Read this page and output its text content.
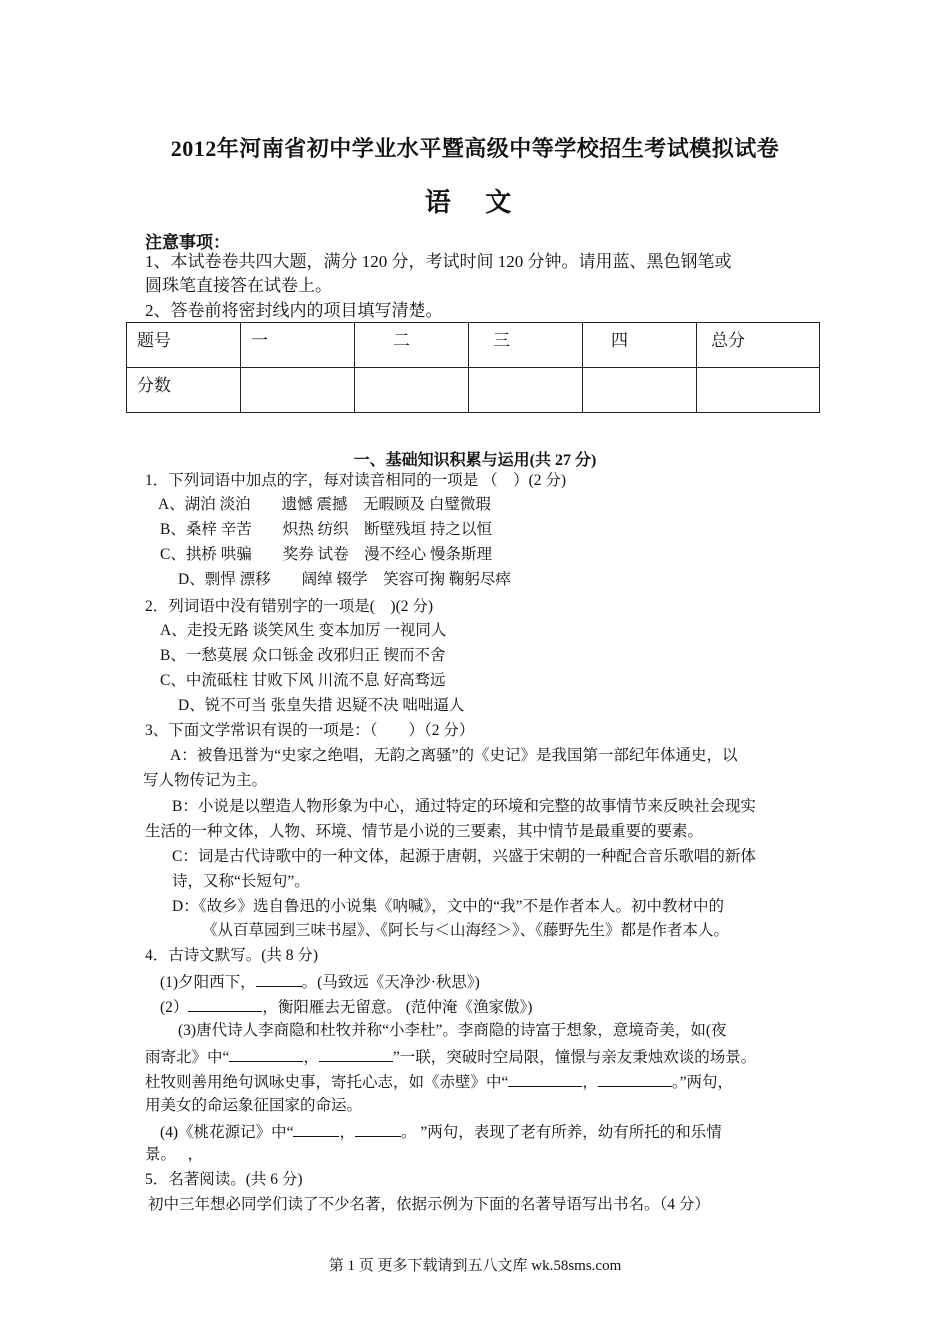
2012年河南省初中学业水平暨高级中等学校招生考试模拟试卷
语 文
注意事项：
1、本试卷卷共四大题，满分 120 分，考试时间 120 分钟。请用蓝、黑色钢笔或
圆珠笔直接答在试卷上。
2、答卷前将密封线内的项目填写清楚。
题号	一	二	三	四	总分
分数					
一、基础知识积累与运用(共 27 分)
1．下列词语中加点的字，每对读音相同的一项是 （　）(2 分)
A、湖泊 淡泊　　遗憾 震撼　无暇顾及 白璧微瑕
B、桑梓 辛苦　　炽热 纺织　断壁残垣 持之以恒
C、拱桥 哄骗　　奖券 试卷　漫不经心 慢条斯理
D、剽悍 漂移　　阔绰 辍学　笑容可掬 鞠躬尽瘁
2．列词语中没有错别字的一项是(　)(2 分)
A、走投无路 谈笑风生 变本加厉 一视同人
B、一愁莫展 众口铄金 改邪归正 锲而不舍
C、中流砥柱 甘败下风 川流不息 好高骛远
D、锐不可当 张皇失措 迟疑不决 咄咄逼人
3、下面文学常识有误的一项是：（　　）（2 分）
A：被鲁迅誉为“史家之绝唱，无韵之离骚”的《史记》是我国第一部纪年体通史，以
写人物传记为主。
B：小说是以塑造人物形象为中心，通过特定的环境和完整的故事情节来反映社会现实
生活的一种文体，人物、环境、情节是小说的三要素，其中情节是最重要的要素。
C：词是古代诗歌中的一种文体，起源于唐朝，兴盛于宋朝的一种配合音乐歌唱的新体
诗，又称“长短句”。
D：《故乡》选自鲁迅的小说集《呐喊》，文中的“我”不是作者本人。初中教材中的
《从百草园到三味书屋》、《阿长与＜山海经＞》、《藤野先生》都是作者本人。
4．古诗文默写。(共 8 分)
(1)夕阳西下，	。(马致远《天净沙·秋思》)
(2）	，衡阳雁去无留意。 (范仲淹《渔家傲》)
(3)唐代诗人李商隐和杜牧并称“小李杜”。李商隐的诗富于想象，意境奇美，如(夜
雨寄北》中“	，	”一联，突破时空局限，憧憬与亲友秉烛欢谈的场景。
杜牧则善用绝句讽咏史事，寄托心志，如《赤壁》中“	，	。”两句，
用美女的命运象征国家的命运。
(4)《桃花源记》中“	，	。 ”两句，表现了老有所养，幼有所托的和乐情
景。　 ，
5．名著阅读。(共 6 分)
初中三年想必同学们读了不少名著，依据示例为下面的名著导语写出书名。（4 分）
第 1 页 更多下载请到五八文库 wk.58sms.com
